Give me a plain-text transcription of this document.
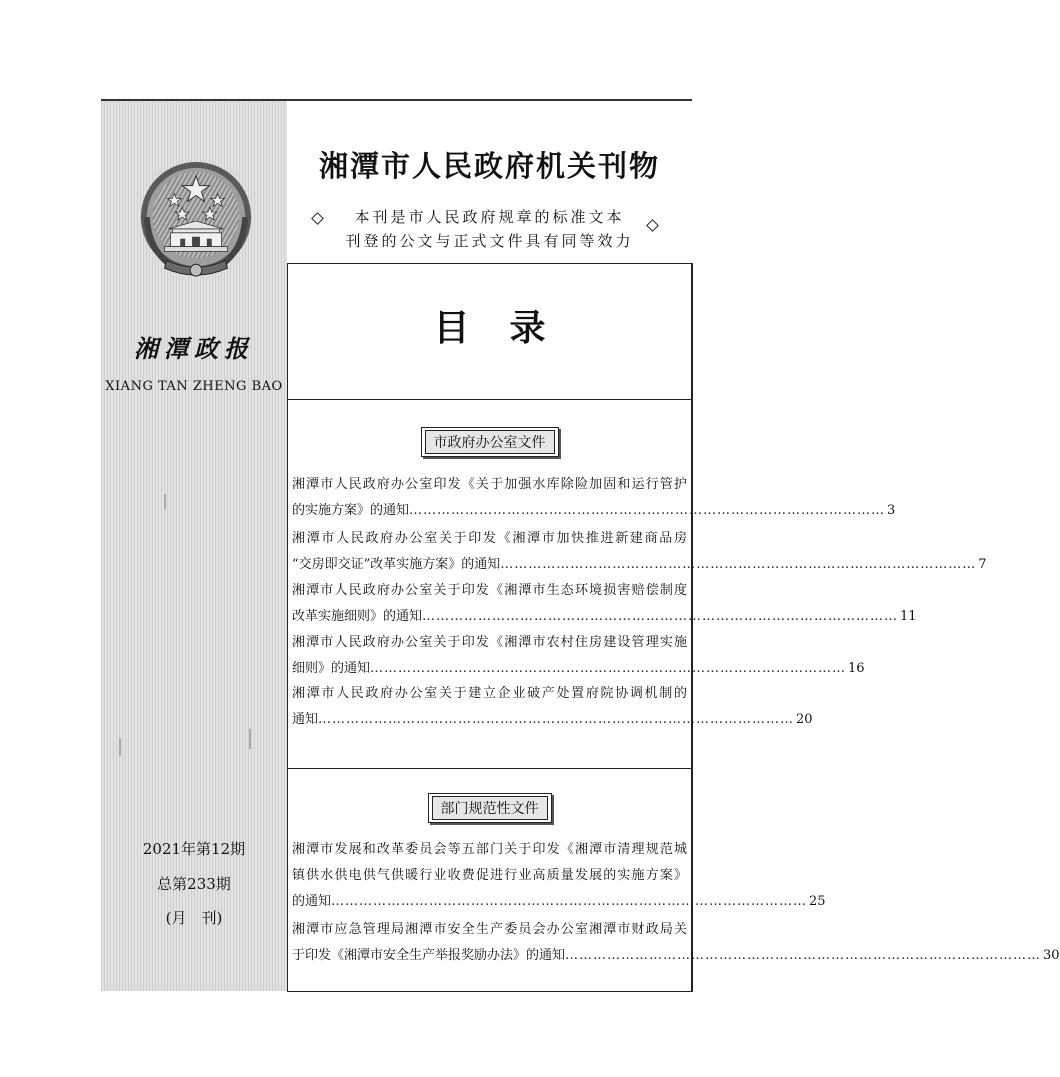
湘潭政报
XIANG TAN ZHENG BAO
2021年第12期
总第233期
(月　刊)
湘潭市人民政府机关刊物
本刊是市人民政府规章的标准文本
刊登的公文与正式文件具有同等效力
目录
市政府办公室文件
湘潭市人民政府办公室印发《关于加强水库除险加固和运行管护
的实施方案》的通知 ………………………………………………………………………………………… 3
湘潭市人民政府办公室关于印发《湘潭市加快推进新建商品房
“交房即交证”改革实施方案》的通知 ………………………………………………………………………………………… 7
湘潭市人民政府办公室关于印发《湘潭市生态环境损害赔偿制度
改革实施细则》的通知 ………………………………………………………………………………………… 11
湘潭市人民政府办公室关于印发《湘潭市农村住房建设管理实施
细则》的通知 ………………………………………………………………………………………… 16
湘潭市人民政府办公室关于建立企业破产处置府院协调机制的
通知 ………………………………………………………………………………………… 20
部门规范性文件
湘潭市发展和改革委员会等五部门关于印发《湘潭市清理规范城
镇供水供电供气供暖行业收费促进行业高质量发展的实施方案》
的通知 ………………………………………………………………………………………… 25
湘潭市应急管理局湘潭市安全生产委员会办公室湘潭市财政局关
于印发《湘潭市安全生产举报奖励办法》的通知 ………………………………………………………………………………………… 30
